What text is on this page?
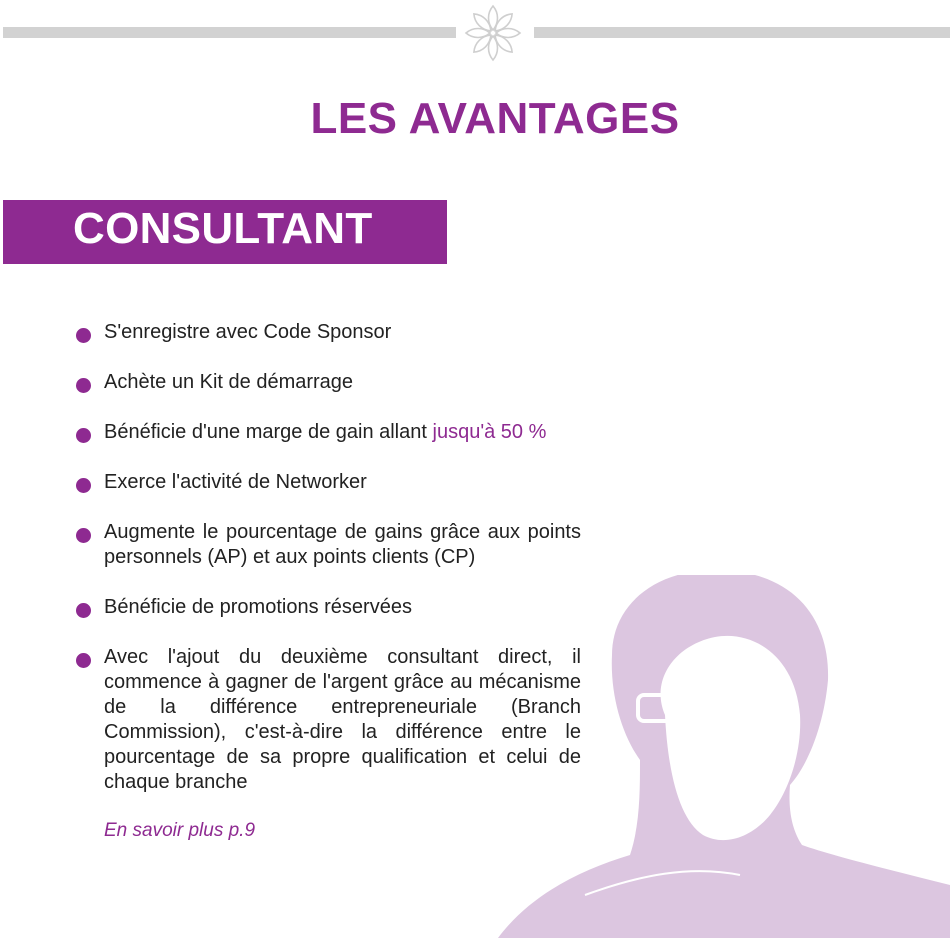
LES AVANTAGES
CONSULTANT
S'enregistre avec Code Sponsor
Achète un Kit de démarrage
Bénéficie d'une marge de gain allant jusqu'à 50 %
Exerce l'activité de Networker
Augmente le pourcentage de gains grâce aux points personnels (AP) et aux points clients (CP)
Bénéficie de promotions réservées
Avec l'ajout du deuxième consultant direct, il commence à gagner de l'argent grâce au mécanisme de la différence entrepreneuriale (Branch Commission), c'est-à-dire la différence entre le pourcentage de sa propre qualification et celui de chaque branche
En savoir plus p.9
